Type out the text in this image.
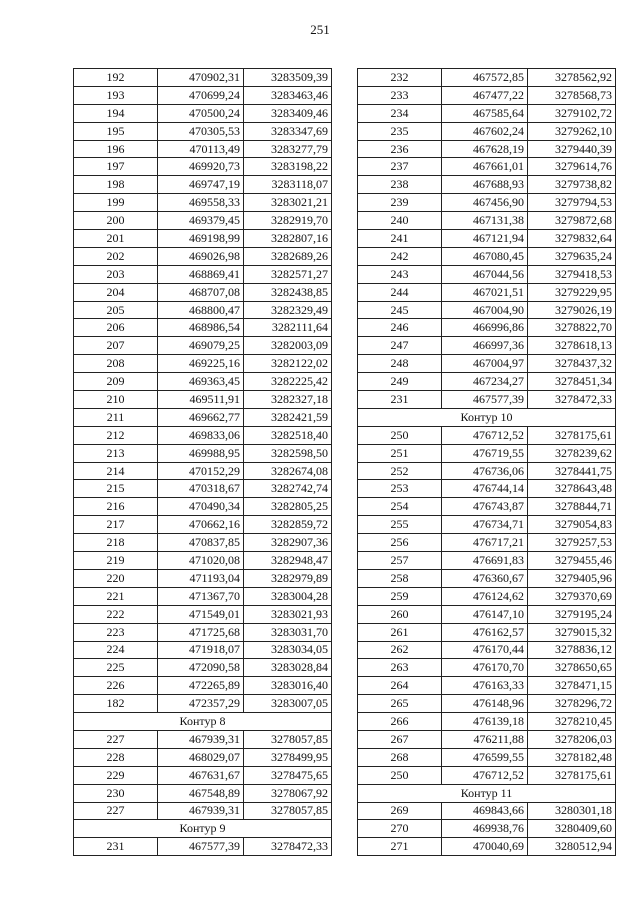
251
192	470902,31	3283509,39
193	470699,24	3283463,46
194	470500,24	3283409,46
195	470305,53	3283347,69
196	470113,49	3283277,79
197	469920,73	3283198,22
198	469747,19	3283118,07
199	469558,33	3283021,21
200	469379,45	3282919,70
201	469198,99	3282807,16
202	469026,98	3282689,26
203	468869,41	3282571,27
204	468707,08	3282438,85
205	468800,47	3282329,49
206	468986,54	3282111,64
207	469079,25	3282003,09
208	469225,16	3282122,02
209	469363,45	3282225,42
210	469511,91	3282327,18
211	469662,77	3282421,59
212	469833,06	3282518,40
213	469988,95	3282598,50
214	470152,29	3282674,08
215	470318,67	3282742,74
216	470490,34	3282805,25
217	470662,16	3282859,72
218	470837,85	3282907,36
219	471020,08	3282948,47
220	471193,04	3282979,89
221	471367,70	3283004,28
222	471549,01	3283021,93
223	471725,68	3283031,70
224	471918,07	3283034,05
225	472090,58	3283028,84
226	472265,89	3283016,40
182	472357,29	3283007,05
Контур 8		
227	467939,31	3278057,85
228	468029,07	3278499,95
229	467631,67	3278475,65
230	467548,89	3278067,92
227	467939,31	3278057,85
Контур 9		
231	467577,39	3278472,33
232	467572,85	3278562,92
233	467477,22	3278568,73
234	467585,64	3279102,72
235	467602,24	3279262,10
236	467628,19	3279440,39
237	467661,01	3279614,76
238	467688,93	3279738,82
239	467456,90	3279794,53
240	467131,38	3279872,68
241	467121,94	3279832,64
242	467080,45	3279635,24
243	467044,56	3279418,53
244	467021,51	3279229,95
245	467004,90	3279026,19
246	466996,86	3278822,70
247	466997,36	3278618,13
248	467004,97	3278437,32
249	467234,27	3278451,34
231	467577,39	3278472,33
Контур 10		
250	476712,52	3278175,61
251	476719,55	3278239,62
252	476736,06	3278441,75
253	476744,14	3278643,48
254	476743,87	3278844,71
255	476734,71	3279054,83
256	476717,21	3279257,53
257	476691,83	3279455,46
258	476360,67	3279405,96
259	476124,62	3279370,69
260	476147,10	3279195,24
261	476162,57	3279015,32
262	476170,44	3278836,12
263	476170,70	3278650,65
264	476163,33	3278471,15
265	476148,96	3278296,72
266	476139,18	3278210,45
267	476211,88	3278206,03
268	476599,55	3278182,48
250	476712,52	3278175,61
Контур 11		
269	469843,66	3280301,18
270	469938,76	3280409,60
271	470040,69	3280512,94
